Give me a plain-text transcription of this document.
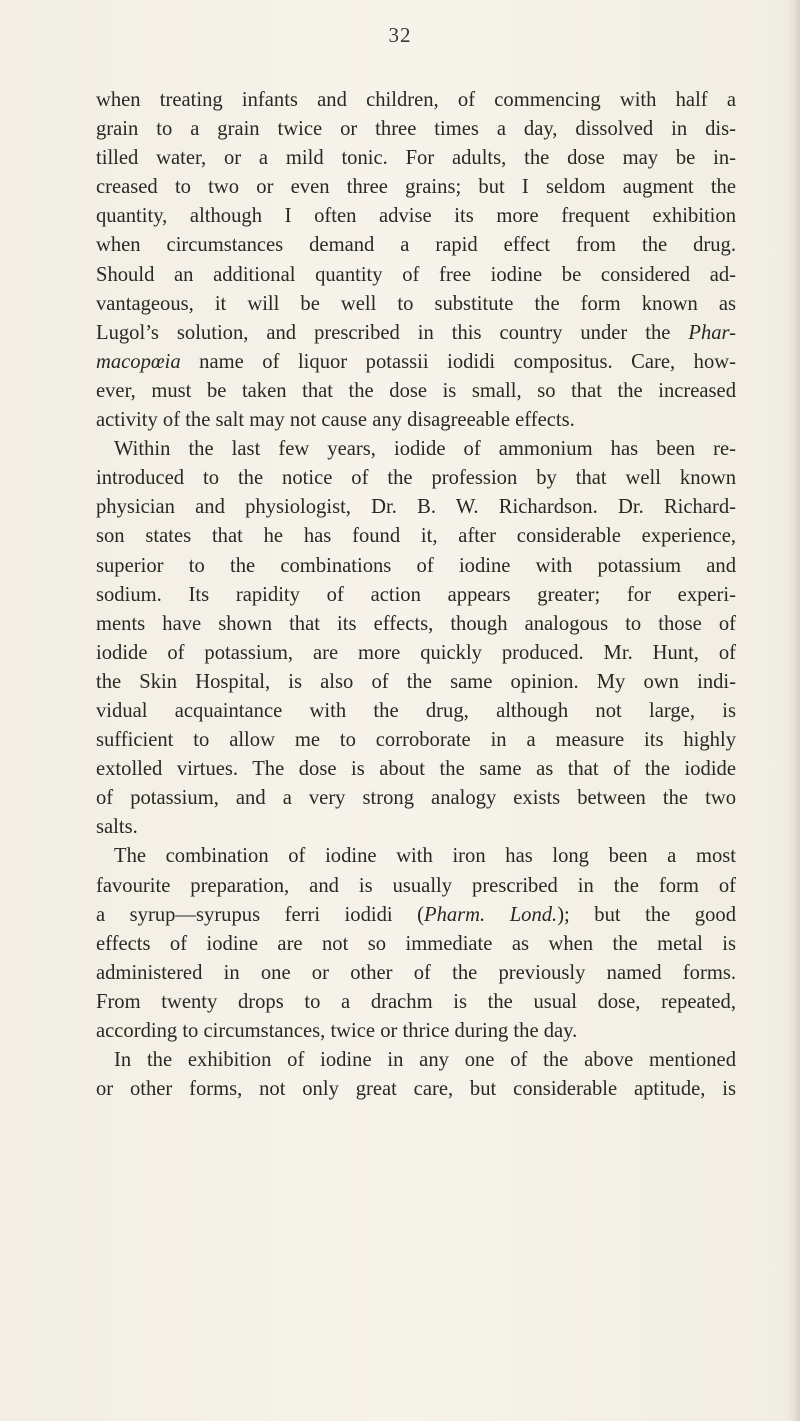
32
when treating infants and children, of commencing with half a
grain to a grain twice or three times a day, dissolved in dis-
tilled water, or a mild tonic. For adults, the dose may be in-
creased to two or even three grains; but I seldom augment the
quantity, although I often advise its more frequent exhibition
when circumstances demand a rapid effect from the drug.
Should an additional quantity of free iodine be considered ad-
vantageous, it will be well to substitute the form known as
Lugol’s solution, and prescribed in this country under the Phar-
macopœia name of liquor potassii iodidi compositus. Care, how-
ever, must be taken that the dose is small, so that the increased
activity of the salt may not cause any disagreeable effects.
Within the last few years, iodide of ammonium has been re-
introduced to the notice of the profession by that well known
physician and physiologist, Dr. B. W. Richardson. Dr. Richard-
son states that he has found it, after considerable experience,
superior to the combinations of iodine with potassium and
sodium. Its rapidity of action appears greater; for experi-
ments have shown that its effects, though analogous to those of
iodide of potassium, are more quickly produced. Mr. Hunt, of
the Skin Hospital, is also of the same opinion. My own indi-
vidual acquaintance with the drug, although not large, is
sufficient to allow me to corroborate in a measure its highly
extolled virtues. The dose is about the same as that of the iodide
of potassium, and a very strong analogy exists between the two
salts.
The combination of iodine with iron has long been a most
favourite preparation, and is usually prescribed in the form of
a syrup—syrupus ferri iodidi (Pharm. Lond.); but the good
effects of iodine are not so immediate as when the metal is
administered in one or other of the previously named forms.
From twenty drops to a drachm is the usual dose, repeated,
according to circumstances, twice or thrice during the day.
In the exhibition of iodine in any one of the above mentioned
or other forms, not only great care, but considerable aptitude, is
